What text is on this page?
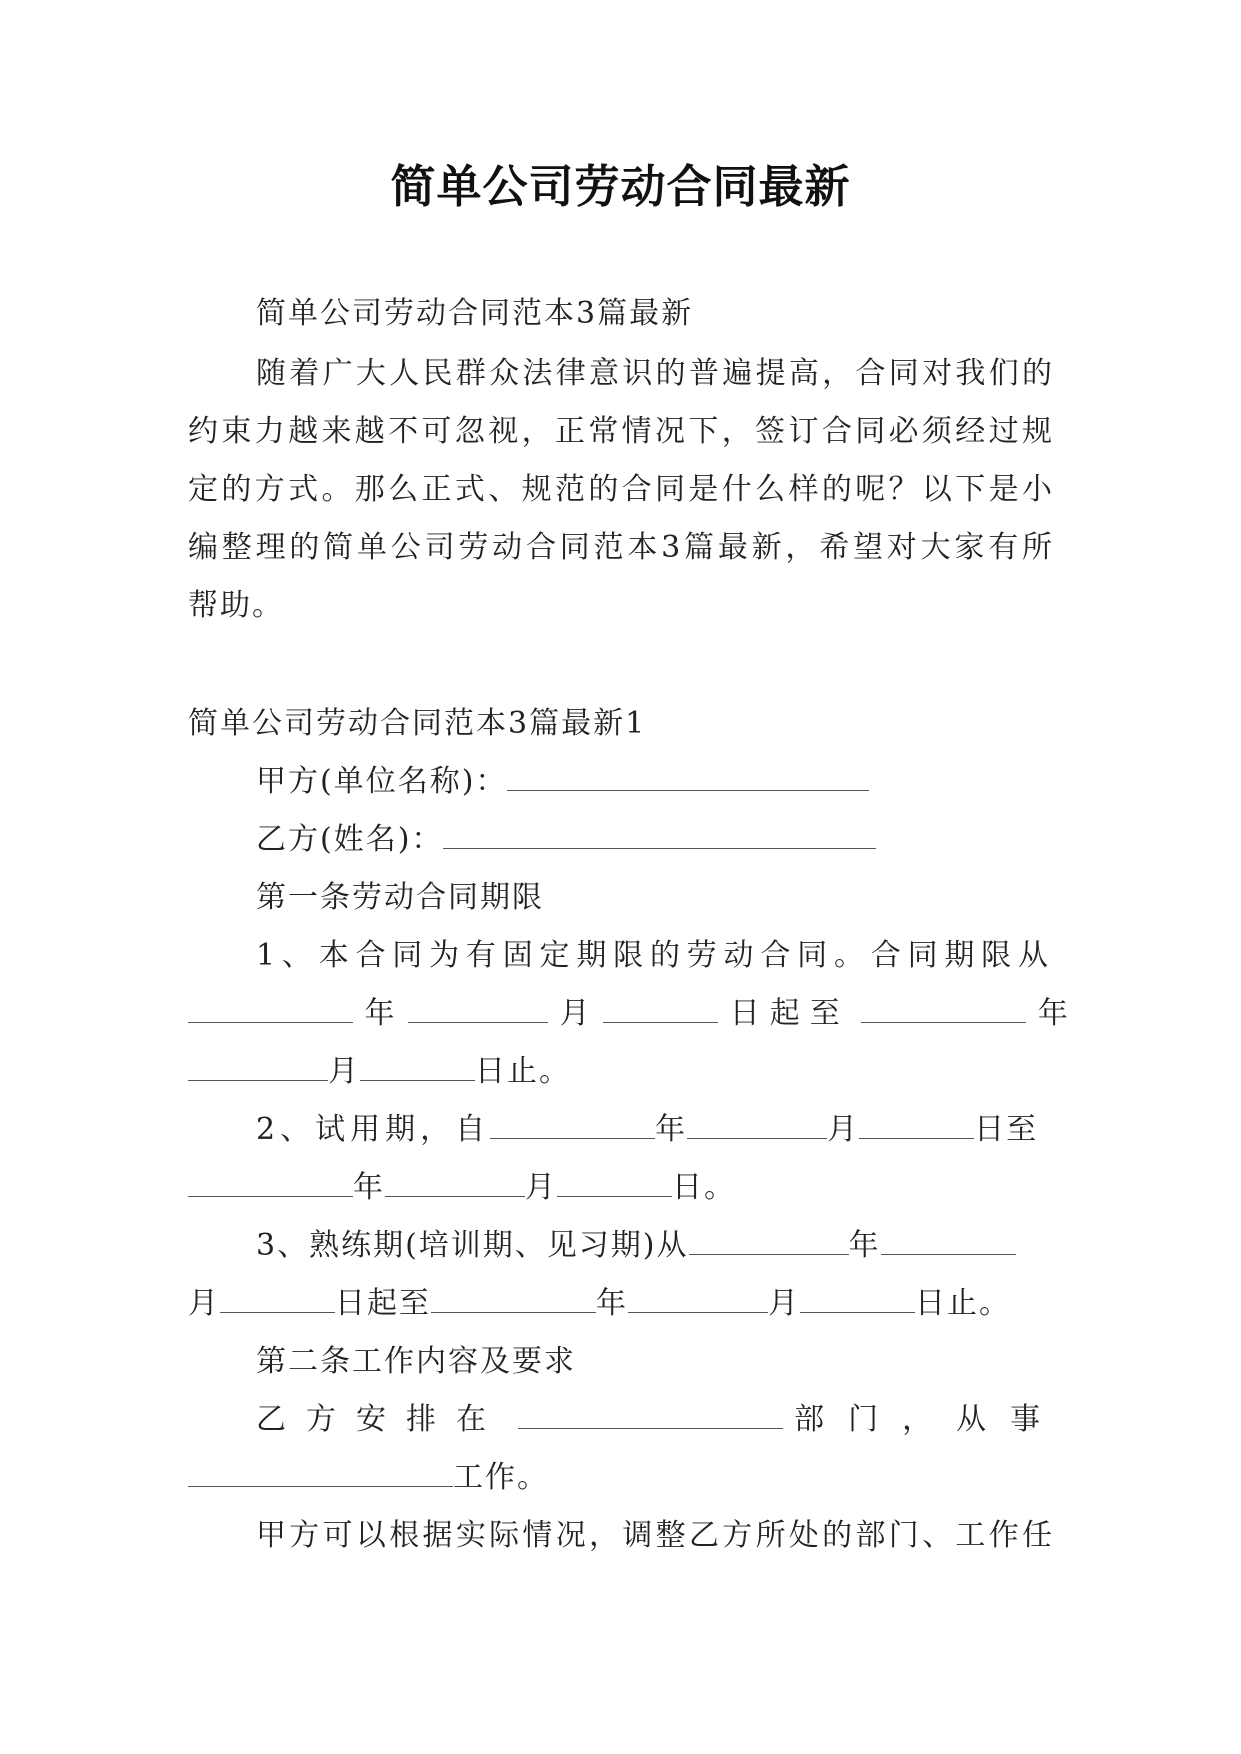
简单公司劳动合同最新
简单公司劳动合同范本3篇最新
随着广大人民群众法律意识的普遍提高，合同对我们的
约束力越来越不可忽视，正常情况下，签订合同必须经过规
定的方式。那么正式、规范的合同是什么样的呢？以下是小
编整理的简单公司劳动合同范本3篇最新，希望对大家有所
帮助。
简单公司劳动合同范本3篇最新1
甲方(单位名称)：
乙方(姓名)：
第一条劳动合同期限
1、本合同为有固定期限的劳动合同。合同期限从
年	月	日起至	年
月	日止。
2、试用期，自	年	月	日至
年	月	日。
3、熟练期(培训期、见习期)从	年
月	日起至	年	月	日止。
第二条工作内容及要求
乙方安排在	部门，从事
工作。
甲方可以根据实际情况，调整乙方所处的部门、工作任
